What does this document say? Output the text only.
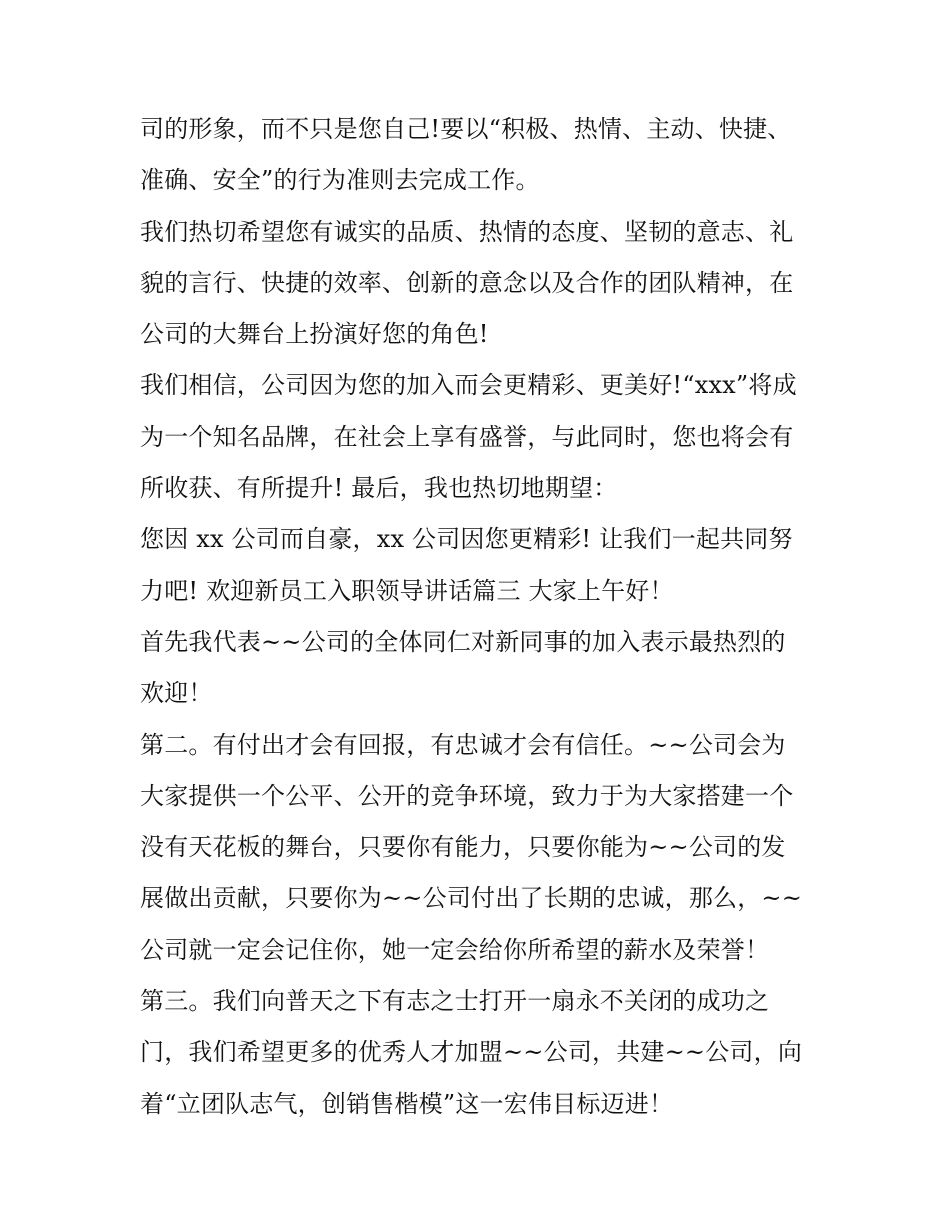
司的形象，而不只是您自己!要以“积极、热情、主动、快捷、
准确、安全”的行为准则去完成工作。
我们热切希望您有诚实的品质、热情的态度、坚韧的意志、礼
貌的言行、快捷的效率、创新的意念以及合作的团队精神，在
公司的大舞台上扮演好您的角色!
我们相信，公司因为您的加入而会更精彩、更美好!“xxx”将成
为一个知名品牌，在社会上享有盛誉，与此同时，您也将会有
所收获、有所提升! 最后，我也热切地期望：
您因 xx 公司而自豪，xx 公司因您更精彩! 让我们一起共同努
力吧! 欢迎新员工入职领导讲话篇三 大家上午好！
首先我代表~~公司的全体同仁对新同事的加入表示最热烈的
欢迎！
第二。有付出才会有回报，有忠诚才会有信任。~~公司会为
大家提供一个公平、公开的竞争环境，致力于为大家搭建一个
没有天花板的舞台，只要你有能力，只要你能为~~公司的发
展做出贡献，只要你为~~公司付出了长期的忠诚，那么，~~
公司就一定会记住你，她一定会给你所希望的薪水及荣誉！
第三。我们向普天之下有志之士打开一扇永不关闭的成功之
门，我们希望更多的优秀人才加盟~~公司，共建~~公司，向
着“立团队志气，创销售楷模”这一宏伟目标迈进！
